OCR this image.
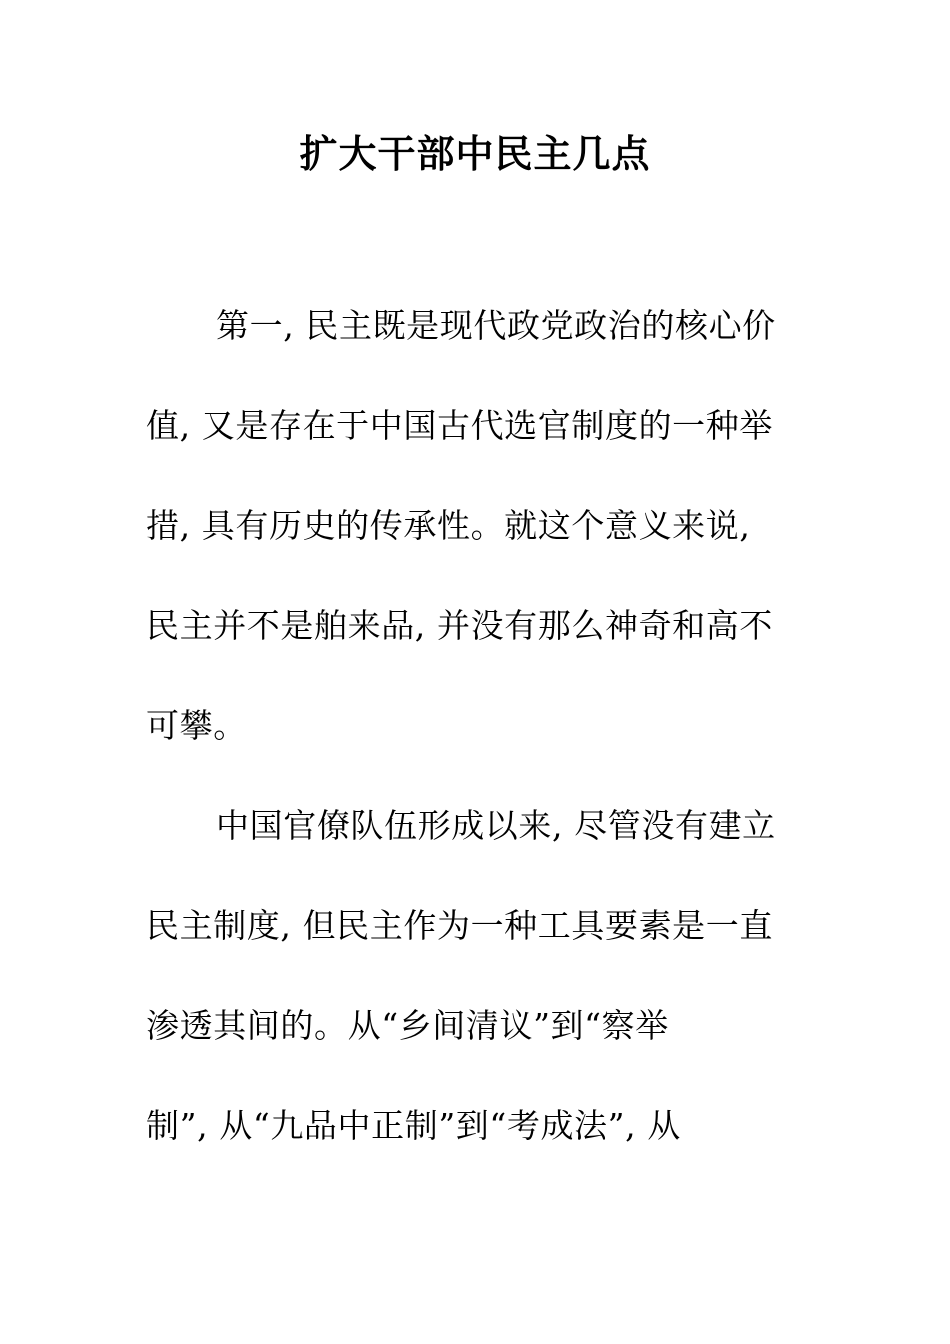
扩大干部中民主几点
第一, 民主既是现代政党政治的核心价
值, 又是存在于中国古代选官制度的一种举
措, 具有历史的传承性。就这个意义来说,
民主并不是舶来品, 并没有那么神奇和高不
可攀。
中国官僚队伍形成以来, 尽管没有建立
民主制度, 但民主作为一种工具要素是一直
渗透其间的。从“乡间清议”到“察举
制”, 从“九品中正制”到“考成法”, 从
